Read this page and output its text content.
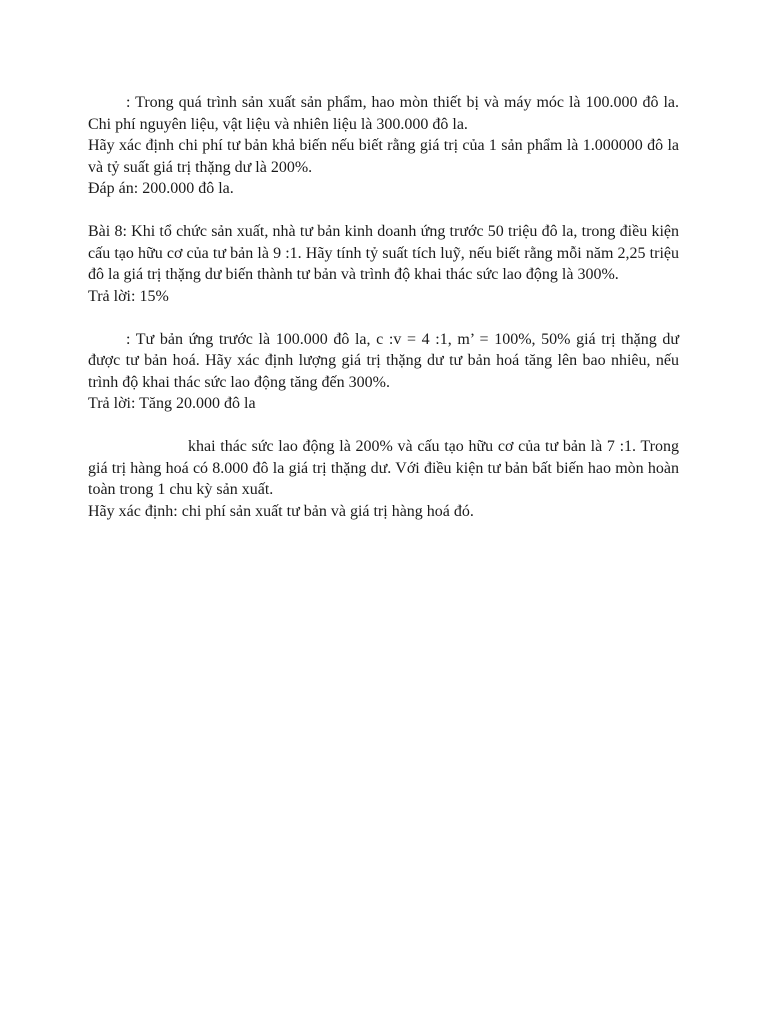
: Trong quá trình sản xuất sản phẩm, hao mòn thiết bị và máy móc là 100.000 đô la. Chi phí nguyên liệu, vật liệu và nhiên liệu là 300.000 đô la.

Hãy xác định chi phí tư bản khả biến nếu biết rằng giá trị của 1 sản phẩm là 1.000000 đô la và tỷ suất giá trị thặng dư là 200%.

Đáp án: 200.000 đô la.

Bài 8: Khi tổ chức sản xuất, nhà tư bản kinh doanh ứng trước 50 triệu đô la, trong điều kiện cấu tạo hữu cơ của tư bản là 9 :1. Hãy tính tỷ suất tích luỹ, nếu biết rằng mỗi năm 2,25 triệu đô la giá trị thặng dư biến thành tư bản và trình độ khai thác sức lao động là 300%.

Trả lời: 15%

: Tư bản ứng trước là 100.000 đô la, c :v = 4 :1, m’ = 100%, 50% giá trị thặng dư được tư bản hoá. Hãy xác định lượng giá trị thặng dư tư bản hoá tăng lên bao nhiêu, nếu trình độ khai thác sức lao động tăng đến 300%.

Trả lời: Tăng 20.000 đô la

khai thác sức lao động là 200% và cấu tạo hữu cơ của tư bản là 7 :1. Trong giá trị hàng hoá có 8.000 đô la giá trị thặng dư. Với điều kiện tư bản bất biến hao mòn hoàn toàn trong 1 chu kỳ sản xuất.

Hãy xác định: chi phí sản xuất tư bản và giá trị hàng hoá đó.
